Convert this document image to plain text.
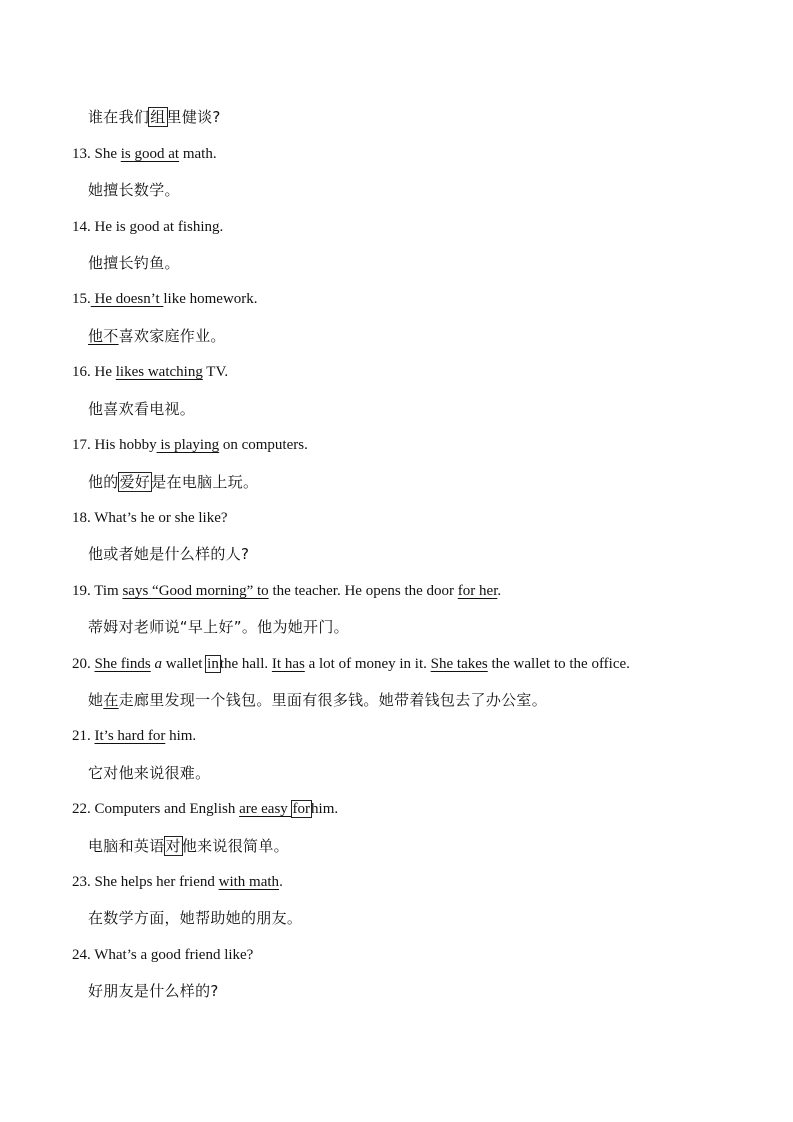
谁在我们组里健谈?
13. She is good at math.
她擅长数学。
14. He is good at fishing.
他擅长钓鱼。
15. He doesn’t like homework.
他不喜欢家庭作业。
16. He likes watching TV.
他喜欢看电视。
17. His hobby is playing on computers.
他的爱好是在电脑上玩。
18. What’s he or she like?
他或者她是什么样的人?
19. Tim says “Good morning” to the teacher. He opens the door for her.
蒂姆对老师说“早上好”。他为她开门。
20. She finds a wallet inthe hall. It has a lot of money in it. She takes the wallet to the office.
她在走廊里发现一个钱包。里面有很多钱。她带着钱包去了办公室。
21. It’s hard for him.
它对他来说很难。
22. Computers and English are easy forhim.
电脑和英语对他来说很简单。
23. She helps her friend with math.
在数学方面，她帮助她的朋友。
24. What’s a good friend like?
好朋友是什么样的?
